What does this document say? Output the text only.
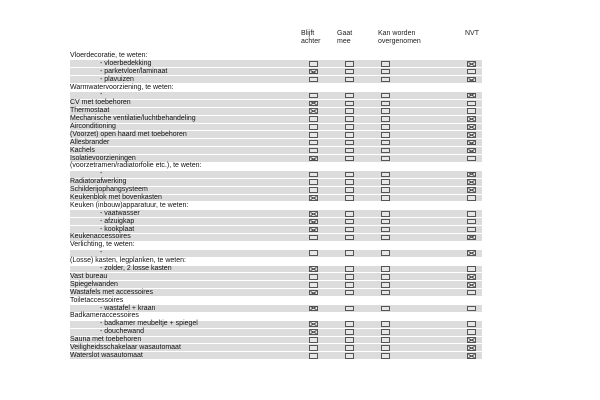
Blijft
achter
Gaat
mee
Kan worden
overgenomen
NVT
Vloerdecoratie, te weten:
- vloerbedekking
- parketvloer/laminaat
- plavuizen
Warmwatervoorziening, te weten:
-
CV met toebehoren
Thermostaat
Mechanische ventilatie/luchtbehandeling
Airconditioning
(Voorzet) open haard met toebehoren
Allesbrander
Kachels
Isolatievoorzieningen
(voorzetramen/radiatorfolie etc.), te weten:
-
Radiatorafwerking
Schilderijophangsysteem
Keukenblok met bovenkasten
Keuken (inbouw)apparatuur, te weten:
- vaatwasser
- afzuigkap
- kookplaat
Keukenaccessoires
Verlichting, te weten:
-
(Losse) kasten, legplanken, te weten:
- zolder, 2 losse kasten
Vast bureau
Spiegelwanden
Wastafels met accessoires
Toiletaccessoires
- wastafel + kraan
Badkameraccessoires
- badkamer meubeltje + spiegel
- douchewand
Sauna met toebehoren
Veiligheidsschakelaar wasautomaat
Waterslot wasautomaat
